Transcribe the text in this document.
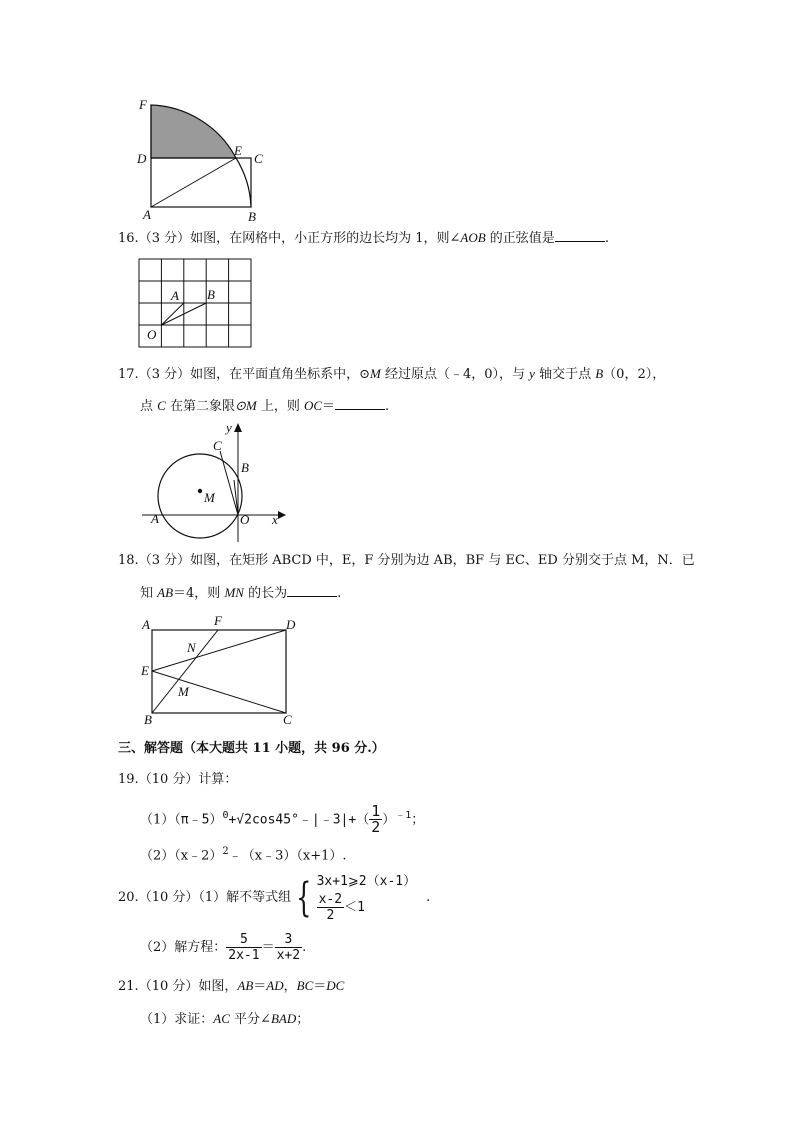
F
D
E
C
A	B
16.（3 分）如图，在网格中，小正方形的边长均为 1，则∠AOB 的正弦值是	.
A B
O
17.（3 分）如图，在平面直角坐标系中，⊙M 经过原点（﹣4，0），与 y 轴交于点 B（0，2），
点 C 在第二象限⊙M 上，则 OC＝	.
y
x
C
B
M
A	O
18.（3 分）如图，在矩形 ABCD 中，E，F 分别为边 AB，BF 与 EC、ED 分别交于点 M，N．已
知 AB＝4，则 MN 的长为	.
A	F	D
N
E
M
B	C
三、解答题（本大题共 11 小题，共 96 分.）
19.（10 分）计算：
（1）（π﹣5）$^0$+√2cos45°﹣|﹣3|+（ $\frac{1}{2} )^{﹣1}$；
（2）（x﹣2）$^2$﹣（x﹣3）（x+1）.
20.（10 分）（1）解不等式组 { 3x+1⩾2（x-1）
$\frac{x-2}{2} <1$
.
（2）解方程： $\frac{5}{2x-1} = \frac{3}{x+2}$ .
21.（10 分）如图，AB＝AD，BC＝DC
（1）求证：AC 平分∠BAD；
